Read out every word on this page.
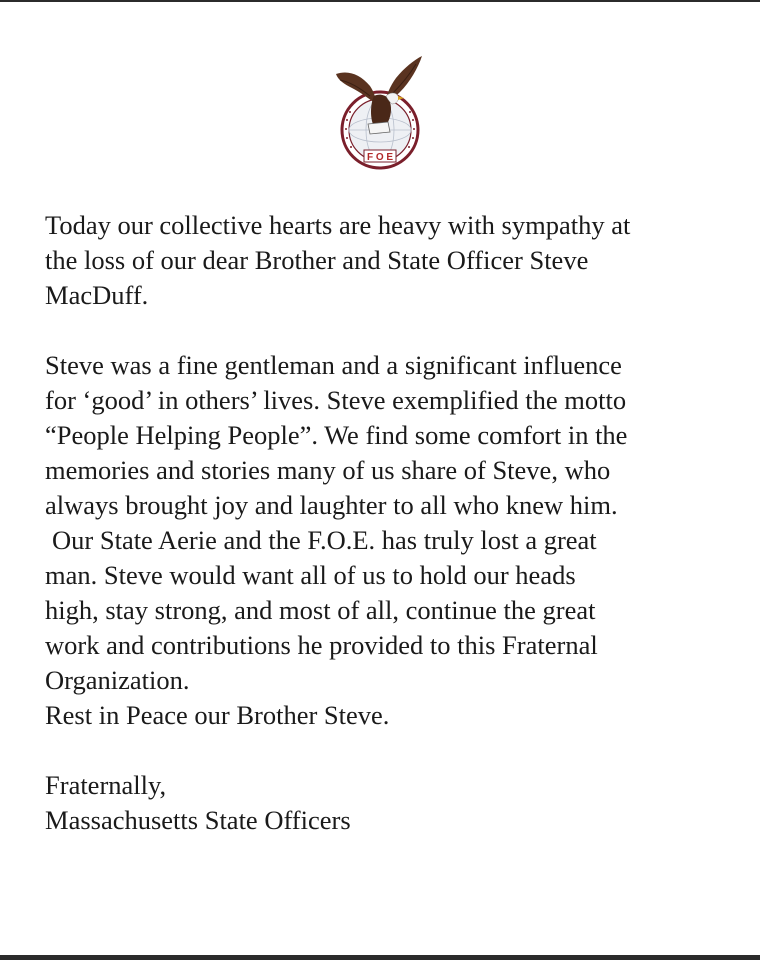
F O E

Today our collective hearts are heavy with sympathy at
the loss of our dear Brother and State Officer Steve
MacDuff.

Steve was a fine gentleman and a significant influence
for ‘good’ in others’ lives. Steve exemplified the motto
“People Helping People”. We find some comfort in the
memories and stories many of us share of Steve, who
always brought joy and laughter to all who knew him.
Our State Aerie and the F.O.E. has truly lost a great
man. Steve would want all of us to hold our heads
high, stay strong, and most of all, continue the great
work and contributions he provided to this Fraternal
Organization.
Rest in Peace our Brother Steve.

Fraternally,

Massachusetts State Officers
